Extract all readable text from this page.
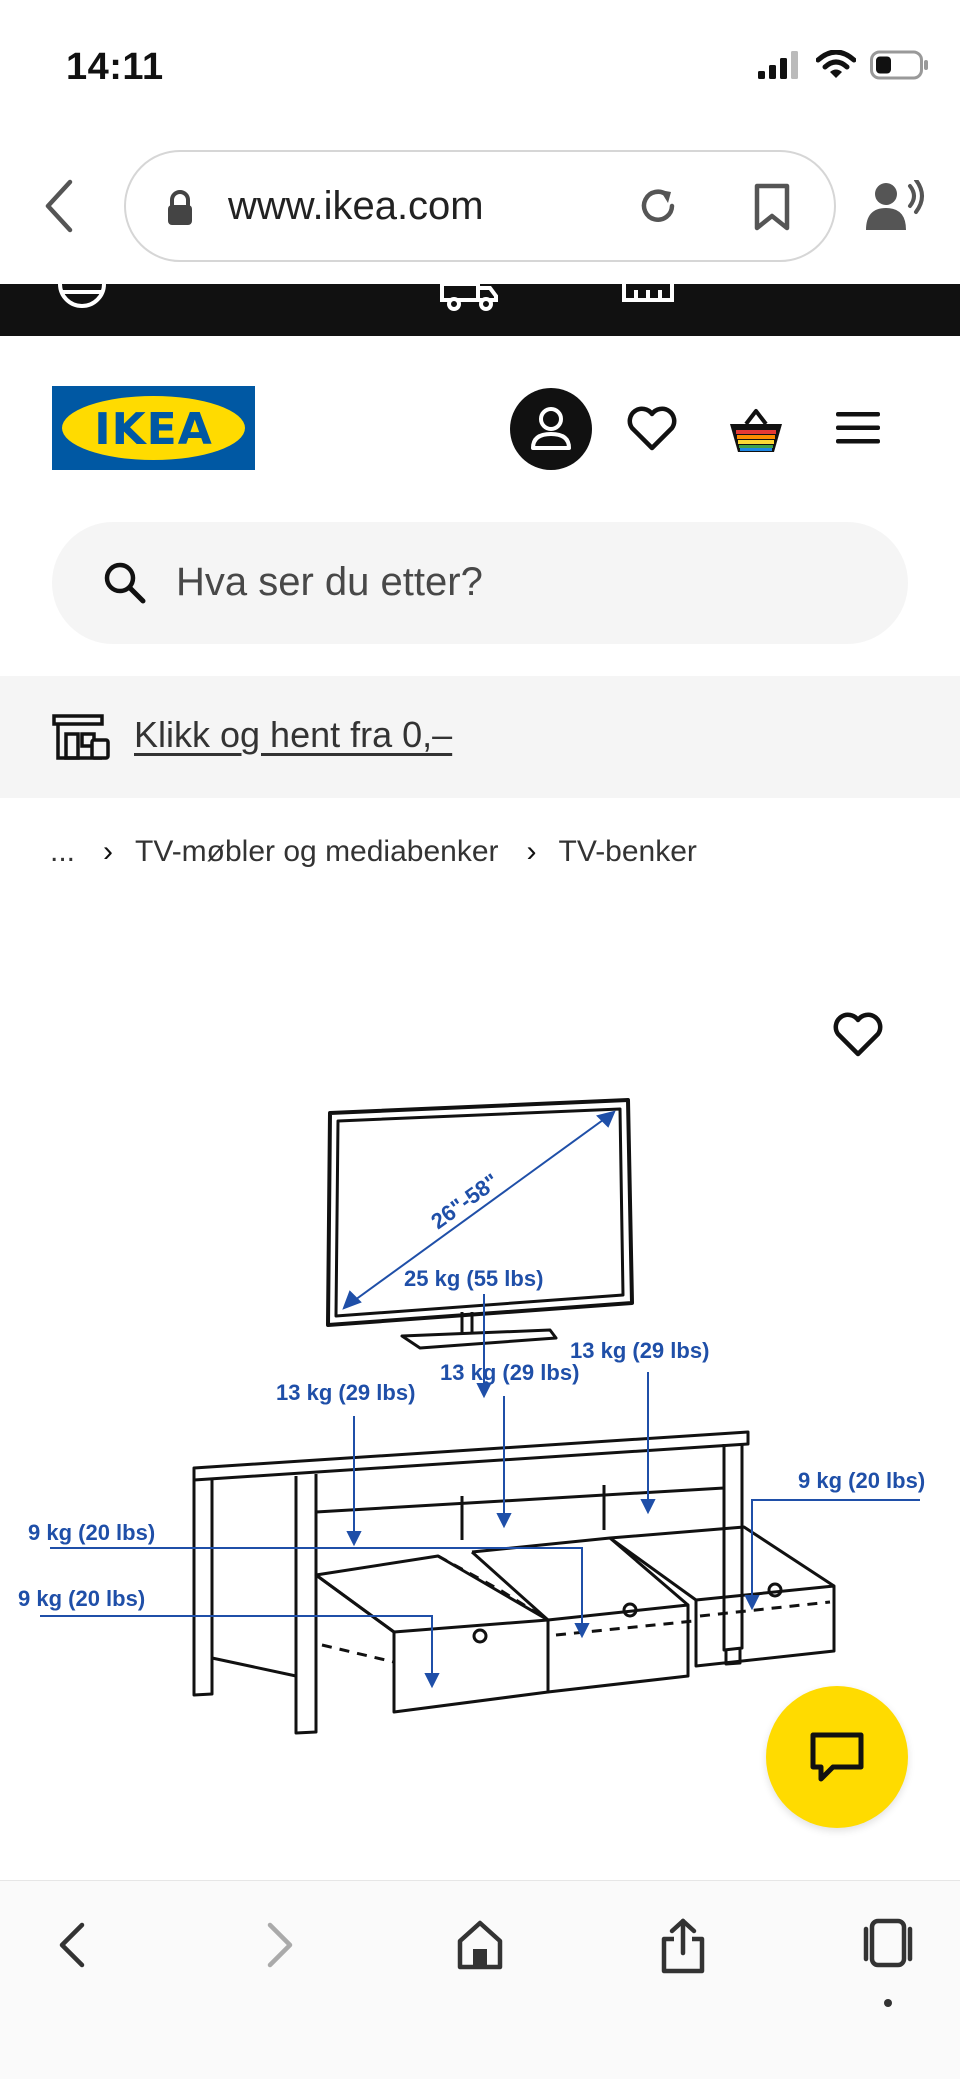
14:11
www.ikea.com
IKEA
Hva ser du etter?
Klikk og hent fra 0,–
... › TV-møbler og mediabenker › TV-benker
26"-58"
25 kg (55 lbs)
13 kg (29 lbs)
13 kg (29 lbs)
13 kg (29 lbs)
9 kg (20 lbs)
9 kg (20 lbs)
9 kg (20 lbs)
